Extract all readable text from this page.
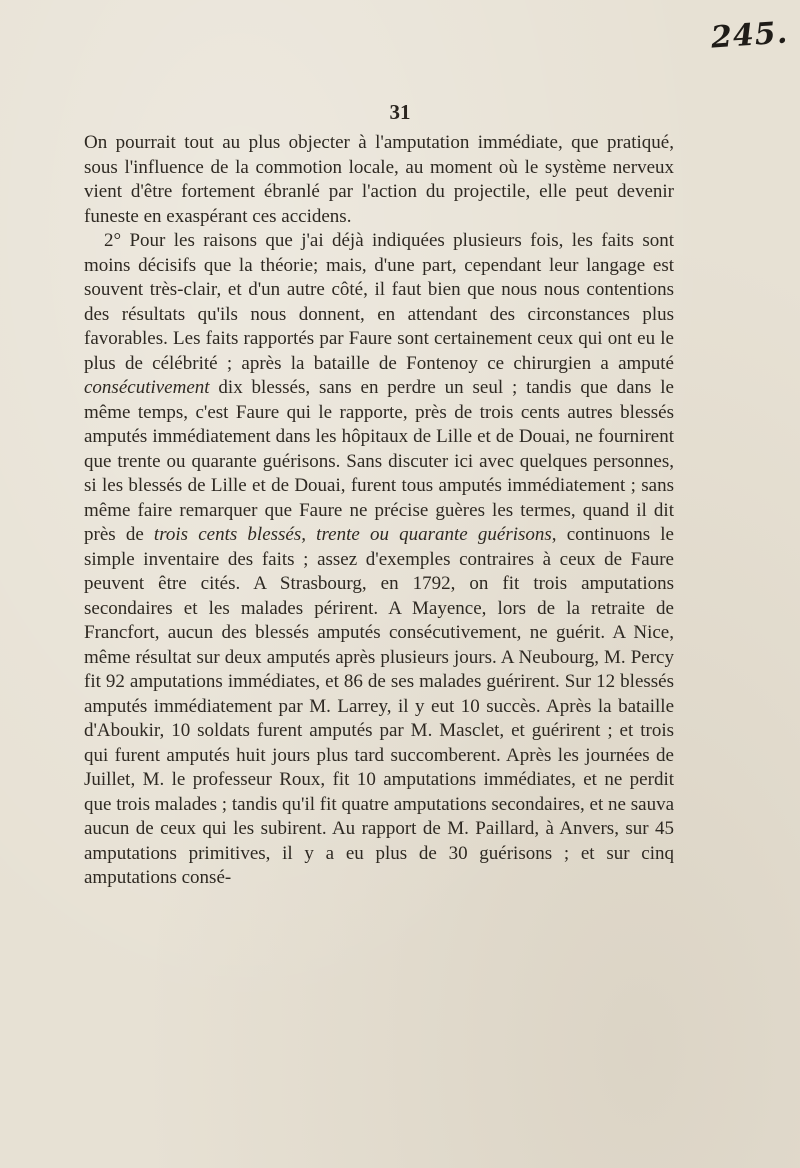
245.
31

On pourrait tout au plus objecter à l'amputation immédiate, que pratiqué, sous l'influence de la commotion locale, au moment où le système nerveux vient d'être fortement ébranlé par l'action du projectile, elle peut devenir funeste en exaspérant ces accidens.

2° Pour les raisons que j'ai déjà indiquées plusieurs fois, les faits sont moins décisifs que la théorie; mais, d'une part, cependant leur langage est souvent très-clair, et d'un autre côté, il faut bien que nous nous contentions des résultats qu'ils nous donnent, en attendant des circonstances plus favorables. Les faits rapportés par Faure sont certainement ceux qui ont eu le plus de célébrité ; après la bataille de Fontenoy ce chirurgien a amputé consécutivement dix blessés, sans en perdre un seul ; tandis que dans le même temps, c'est Faure qui le rapporte, près de trois cents autres blessés amputés immédiatement dans les hôpitaux de Lille et de Douai, ne fournirent que trente ou quarante guérisons. Sans discuter ici avec quelques personnes, si les blessés de Lille et de Douai, furent tous amputés immédiatement ; sans même faire remarquer que Faure ne précise guères les termes, quand il dit près de trois cents blessés, trente ou quarante guérisons, continuons le simple inventaire des faits ; assez d'exemples contraires à ceux de Faure peuvent être cités. A Strasbourg, en 1792, on fit trois amputations secondaires et les malades périrent. A Mayence, lors de la retraite de Francfort, aucun des blessés amputés consécutivement, ne guérit. A Nice, même résultat sur deux amputés après plusieurs jours. A Neubourg, M. Percy fit 92 amputations immédiates, et 86 de ses malades guérirent. Sur 12 blessés amputés immédiatement par M. Larrey, il y eut 10 succès. Après la bataille d'Aboukir, 10 soldats furent amputés par M. Masclet, et guérirent ; et trois qui furent amputés huit jours plus tard succomberent. Après les journées de Juillet, M. le professeur Roux, fit 10 amputations immédiates, et ne perdit que trois malades ; tandis qu'il fit quatre amputations secondaires, et ne sauva aucun de ceux qui les subirent. Au rapport de M. Paillard, à Anvers, sur 45 amputations primitives, il y a eu plus de 30 guérisons ; et sur cinq amputations consé-
